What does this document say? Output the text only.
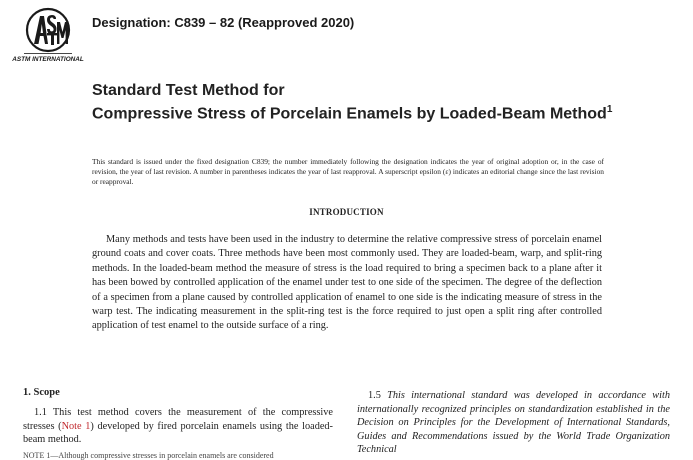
ASTM INTERNATIONAL
Designation: C839 – 82 (Reapproved 2020)
Standard Test Method for
Compressive Stress of Porcelain Enamels by Loaded-Beam Method$^1$
This standard is issued under the fixed designation C839; the number immediately following the designation indicates the year of original adoption or, in the case of revision, the year of last revision. A number in parentheses indicates the year of last reapproval. A superscript epsilon (ε) indicates an editorial change since the last revision or reapproval.
INTRODUCTION
Many methods and tests have been used in the industry to determine the relative compressive stress of porcelain enamel ground coats and cover coats. Three methods have been most commonly used. They are loaded-beam, warp, and split-ring methods. In the loaded-beam method the measure of stress is the load required to bring a specimen back to a plane after it has been bowed by controlled application of the enamel under test to one side of the specimen. The degree of the deflection of a specimen from a plane caused by controlled application of enamel to one side is the indicating measure of stress in the warp test. The indicating measurement in the split-ring test is the force required to just open a split ring after controlled application of test enamel to the outside surface of a ring.
1. Scope

1.1 This test method covers the measurement of the compressive stresses (Note 1) developed by fired porcelain enamels using the loaded-beam method.

NOTE 1—Although compressive stresses in porcelain enamels are considered

1.5 This international standard was developed in accordance with internationally recognized principles on standardization established in the Decision on Principles for the Development of International Standards, Guides and Recommendations issued by the World Trade Organization Technical
